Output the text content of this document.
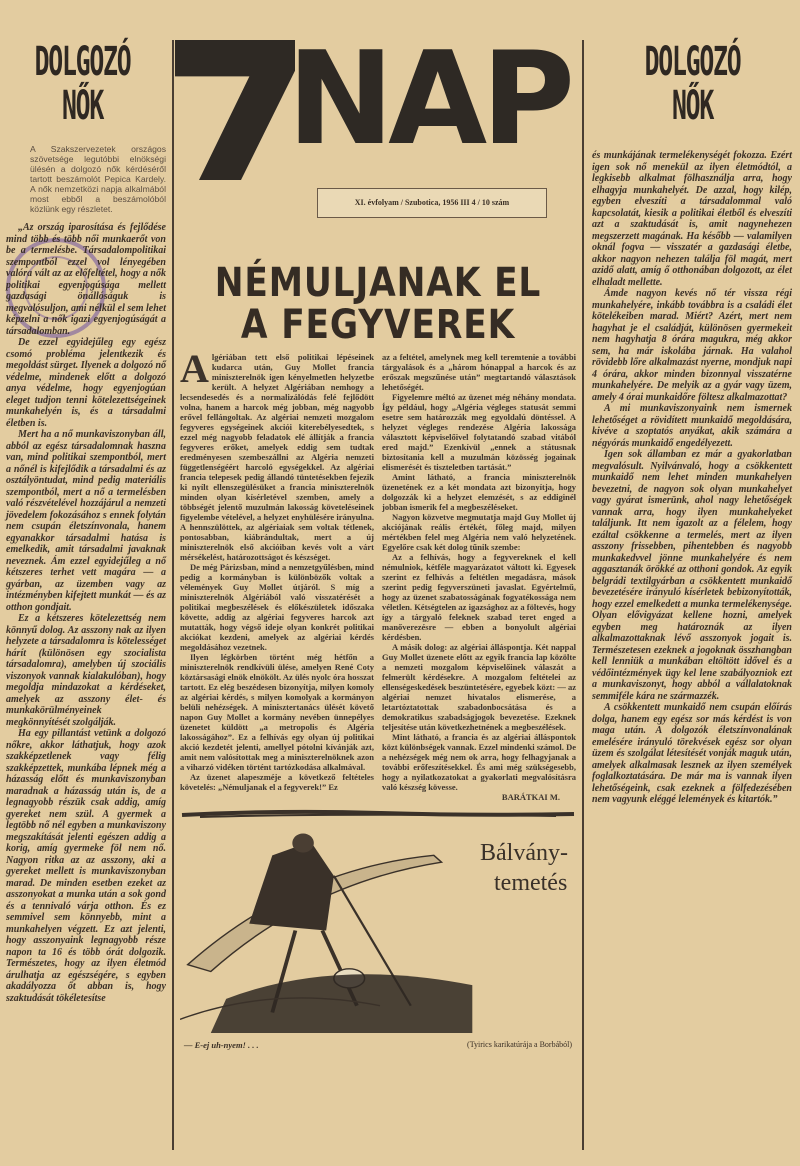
DOLGOZÓ NŐK
A Szakszervezetek országos szövetsége legutóbbi elnökségi ülésén a dolgozó nők kérdéséről tartott beszámolót Pepica Kardely. A nők nemzetközi napja alkalmából most ebből a beszámolóból közlünk egy részletet.

„Az ország iparosítása és fejlődése mind több és több női munkaerőt von be a termelésbe. Társadalompolitikai szempontból ezzel vol lényegében valóra vált az az előfeltétel, hogy a nők politikai egyenjogúsága mellett gazdasági önállóságuk is megvalósuljon, ami nélkül el sem lehet képzelni a nők igazi egyenjogúságát a társadalomban.

De ezzel egyidejűleg egy egész csomó probléma jelentkezik és megoldást sürget. Ilyenek a dolgozó nő védelme, mindenek előtt a dolgozó anya védelme, hogy egyenjogúan eleget tudjon tenni kötelezettségeinek munkahelyén is, és a társadalmi életben is.

Mert ha a nő munkaviszonyban áll, abból az egész társadalomnak haszna van, mind politikai szempontból, mert a nőnél is kifejlődik a társadalmi és az osztályöntudat, mind pedig materiális szempontból, mert a nő a termelésben való részvételével hozzájárul a nemzeti jövedelem fokozásához s ennek folytán nem csupán életszínvonala, hanem egyanakkor társadalmi hatása is emelkedik, amit társadalmi javaknak neveznek. Ám ezzel egyidejűleg a nő kétszeres terhet vett magára — a gyárban, az üzemben vagy az intézményben kifejtett munkát — és az otthon gondjait.

Ez a kétszeres kötelezettség nem könnyű dolog. Az asszony nak az ilyen helyzete a társadalomra is kötelességet hárít (különösen egy szocialista társadalomra), amelyben új szociális viszonyok vannak kialakulóban), hogy megoldja mindazokat a kérdéseket, amelyek az asszony élet- és munkakörülményeinek megkönnyítését szolgálják.

Ha egy pillantást vetünk a dolgozó nőkre, akkor láthatjuk, hogy azok szakképzetlenek vagy félig szakképzettek, munkába lépnek még a házasság előtt és munkaviszonyban maradnak a házasság után is, de a legnagyobb részük csak addig, amíg gyereket nem szül. A gyermek a legtöbb nő nél egyben a munkaviszony megszakítását jelenti egészen addig a korig, amíg gyermeke föl nem nő. Nagyon ritka az az asszony, aki a gyereket mellett is munkaviszonyban marad. De minden esetben ezeket az asszonyokat a munka után a sok gond és a tennivaló várja otthon. És ez semmivel sem könnyebb, mint a munkahelyen végzett. Ez azt jelenti, hogy asszonyaink legnagyobb része napon ta 16 és több órát dolgozik. Természetes, hogy az ilyen életmód árulhatja az egészségére, s egyben akadályozza őt abban is, hogy szaktudását tökéletesítse

NAP
XI. évfolyam / Szubotica, 1956 III 4 / 10 szám
NÉMULJANAK EL
A FEGYVEREK
A lgériában tett első politikai lépéseinek kudarca után, Guy Mollet francia miniszterelnök igen kényelmetlen helyzetbe került. A helyzet Algériában nemhogy a lecsendesedés és a normalizálódás felé fejlődött volna, hanem a harcok még jobban, még nagyobb erővel fellángoltak. Az algériai nemzeti mozgalom fegyveres egységeinek akciói kiterebélyesedtek, s ezzel még nagyobb feladatok elé állítják a francia fegyveres erőket, amelyek eddig sem tudtak eredményesen szembeszállni az Algéria nemzeti függetlenségéért harcoló egységekkel. Az algériai francia telepesek pedig állandó tüntetésekben fejezik ki nyílt ellenszegülésüket a francia miniszterelnök minden olyan kísérletével szemben, amely a többségét jelentő muzulmán lakosság követeléseinek figyelembe vételével, a helyzet enyhülésére irányulna. A hennszülöttek, az algériaiak sem voltak tétlenek, pontosabban, kiábrándultak, mert a új miniszterelnök első akcióiban kevés volt a várt mérsékelést, határozottságot és készséget.

De még Párizsban, mind a nemzetgyűlésben, mind pedig a kormányban is különbözők voltak a vélemények Guy Mollet útjáról. S míg a miniszterelnök Algériából való visszatérését a politikai megbeszélések és előkészületek időszaka követte, addig az algériai fegyveres harcok azt mutatták, hogy végső ideje olyan konkrét politikai akciókat kezdeni, amelyek az algériai kérdés megoldásához vezetnek.

Ilyen légkörben történt még hétfőn a miniszterelnök rendkívüli ülése, amelyen René Coty köztársasági elnök elnökölt. Az ülés nyolc óra hosszat tartott. Ez elég beszédesen bizonyítja, milyen komoly az algériai kérdés, s milyen komolyak a kormányon belüli nehézségek. A minisztertanács ülését követő napon Guy Mollet a kormány nevében ünnepélyes üzenetet küldött „a metropolis és Algéria lakosságához”. Ez a felhívás egy olyan új politikai akció kezdetét jelenti, amellyel pótolni kívánják azt, amit nem valósítottak meg a miniszterelnöknek azon a viharzó vidéken történt tartózkodása alkalmával.

Az üzenet alapeszméje a következő feltételes követelés: „Némuljanak el a fegyverek!” Ez

az a feltétel, amelynek meg kell teremtenie a további tárgyalások és a „három hónappal a harcok és az erőszak megszűnése után” megtartandó választások lehetőségét.

Figyelemre méltó az üzenet még néhány mondata. Így például, hogy „Algéria végleges statusát semmi esetre sem határozzák meg egyoldalú döntéssel. A helyzet végleges rendezése Algéria lakossága választott képviselőivel folytatandó szabad vitából ered majd.” Ezenkívül „ennek a státusnak biztosítania kell a muzulmán közösség jogainak elismerését és tiszteletben tartását.”

Amint látható, a francia miniszterelnök üzenetének ez a két mondata azt bizonyítja, hogy dolgozzák ki a helyzet elemzését, s az eddiginél jobban ismerik fel a megbeszéléseket.

Nagyon közvetve megmutatja majd Guy Mollet új akciójának reális értékét, főleg majd, milyen mértékben felel meg Algéria nem való helyzetének. Egyelőre csak két dolog tűnik szembe:

Az a felhívás, hogy a fegyvereknek el kell némulniok, kétféle magyarázatot váltott ki. Egyesek szerint ez felhívás a feltétlen megadásra, mások szerint pedig fegyverszüneti javaslat. Egyértelmű, hogy az üzenet szabatosságának fogyatékossága nem véletlen. Kétségtelen az igazsághoz az a föltevés, hogy így a tárgyaló feleknek szabad teret enged a manőverezésre — ebben a bonyolult algériai kérdésben.

A másik dolog: az algériai álláspontja. Két nappal Guy Mollet üzenete előtt az egyik francia lap közölte a nemzeti mozgalom képviselőinek válaszát a felmerült kérdésekre. A mozgalom feltételei az ellenségeskedések beszüntetésére, egyebek közt: — az algériai nemzet hivatalos elismerése, a letartóztatottak szabadonbocsátása és a demokratikus szabadságjogok bevezetése. Ezeknek teljesítése után következhetnének a megbeszélések.

Mint látható, a francia és az algériai álláspontok közt különbségek vannak. Ezzel mindenki számol. De a nehézségek még nem ok arra, hogy felhagyjanak a további erőfeszítésekkel. És ami még szükségesebb, hogy a nyilatkozatokat a gyakorlati megvalósításra való készség kövesse.

BARÁTKAI M.
Bálvány-
temetés
— E-ej uh-nyem! . . .	(Tyirics karikatúrája a Borbából)
DOLGOZÓ NŐK

és munkájának termelékenységét fokozza. Ezért igen sok nő menekül az ilyen életmódtól, a legkisebb alkalmat fölhasználja arra, hogy elhagyja munkahelyét. De azzal, hogy kilép, egyben elveszíti a társadalommal való kapcsolatát, kiesik a politikai életből és elveszíti azt a szaktudását is, amit nagynehezen megszerzett magának. Ha később — valamilyen oknál fogva — visszatér a gazdasági életbe, akkor nagyon nehezen találja föl magát, mert azidő alatt, amíg ő otthonában dolgozott, az élet elhaladt mellette.

Ámde nagyon kevés nő tér vissza régi munkahelyére, inkább továbbra is a családi élet kötelékeiben marad. Miért? Azért, mert nem hagyhat je el családját, különösen gyermekeit nem hagyhatja 8 órára magukra, még akkor sem, ha már iskolába járnak. Ha valahol rövidebb lőre alkalmazást nyerne, mondjuk napi 4 órára, akkor minden bizonnyal visszatérne munkahelyére. De melyik az a gyár vagy üzem, amely 4 órai munkaidőre föltesz alkalmazottat?

A mi munkaviszonyaink nem ismernek lehetőséget a rövidített munkaidő megoldására, kivéve a szoptatós anyákat, akik számára a négyórás munkaidő engedélyezett.

Igen sok államban ez már a gyakorlatban megvalósult. Nyilvánvaló, hogy a csökkentett munkaidő nem lehet minden munkahelyen bevezetni, de nagyon sok olyan munkahelyet vagy gyárat ismerünk, ahol nagy lehetőségek vannak arra, hogy ilyen munkahelyeket találjunk. Itt nem igazolt az a félelem, hogy ezáltal csökkenne a termelés, mert az ilyen asszony frissebben, pihentebben és nagyobb munkakedvvel jönne munkahelyére és nem aggasztanák örökké az otthoni gondok. Az egyik belgrádi textilgyárban a csökkentett munkaidő bevezetésére irányuló kísérletek bebizonyították, hogy ezzel emelkedett a munka termelékenysége. Olyan elővigyázat kellene hozni, amelyek egyben meg határoznák az ilyen alkalmazottaknak lévő asszonyok jogait is. Természetesen ezeknek a jogoknak összhangban kell lenniük a munkában eltöltött idővel és a védőintézmények ügy kel lene szabályozniok ezt a munkaviszonyt, hogy abból a vállalatoknak semmiféle kára ne származzék.

A csökkentett munkaidő nem csupán előírás dolga, hanem egy egész sor más kérdést is von maga után. A dolgozók életszínvonalának emelésére irányuló törekvések egész sor olyan üzem és szolgálat létesítését vonják maguk után, amelyek alkalmasak lesznek az ilyen személyek foglalkoztatására. De már ma is vannak ilyen lehetőségeink, csak ezeknek a fölfedezésében nem vagyunk eléggé lelemények és kitartók.”
